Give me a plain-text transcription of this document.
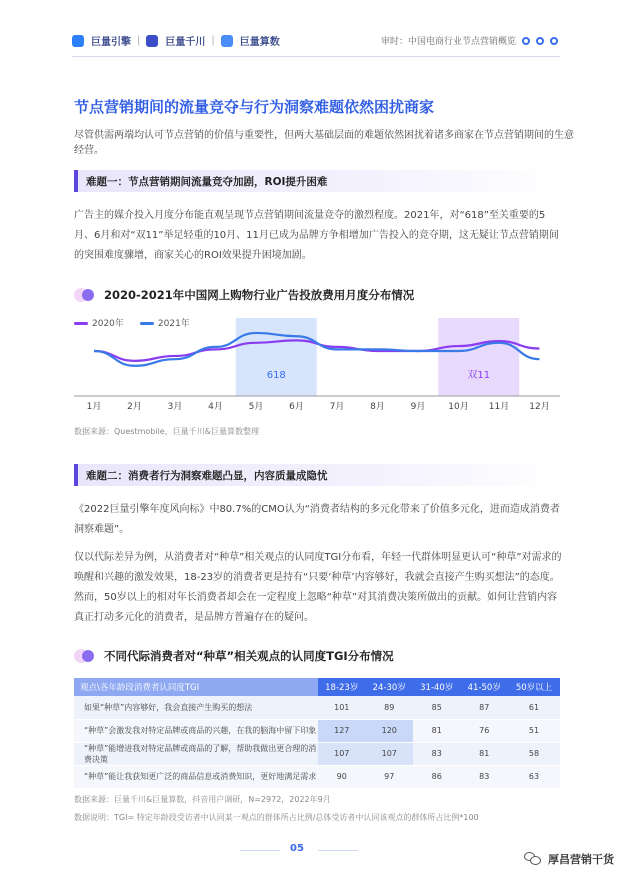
巨量引擎 |	巨量千川 |	巨量算数	审时：中国电商行业节点营销概览
节点营销期间的流量竞夺与行为洞察难题依然困扰商家
尽管供需两端均认可节点营销的价值与重要性，但两大基础层面的难题依然困扰着诸多商家在节点营销期间的生意经营。
难题一：节点营销期间流量竞夺加剧，ROI提升困难
广告主的媒介投入月度分布能直观呈现节点营销期间流量竞夺的激烈程度。2021年，对“618”至关重要的5月、6月和对“双11”举足轻重的10月、11月已成为品牌方争相增加广告投入的竞夺期，这无疑让节点营销期间的突围难度骤增，商家关心的ROI效果提升困境加剧。
2020-2021年中国网上购物行业广告投放费用月度分布情况
2020年	2021年
618	双11
1月	2月	3月	4月	5月	6月	7月	8月	9月	10月 11月 12月
数据来源：Questmobile，巨量千川&巨量算数整理
难题二：消费者行为洞察难题凸显，内容质量成隐忧
《2022巨量引擎年度风向标》中80.7%的CMO认为“消费者结构的多元化带来了价值多元化，进而造成消费者洞察难题”。
仅以代际差异为例，从消费者对“种草”相关观点的认同度TGI分布看，年轻一代群体明显更认可“种草”对需求的唤醒和兴趣的激发效果，18-23岁的消费者更是持有“只要‘种草’内容够好，我就会直接产生购买想法”的态度。然而，50岁以上的相对年长消费者却会在一定程度上忽略“种草”对其消费决策所做出的贡献。如何让营销内容真正打动多元化的消费者，是品牌方普遍存在的疑问。
不同代际消费者对“种草”相关观点的认同度TGI分布情况
观点\各年龄段消费者认同度TGI	18-23岁	24-30岁	31-40岁	41-50岁	50岁以上
如果“种草”内容够好，我会直接产生购买的想法	101	89	85	87	61
“种草”会激发我对特定品牌或商品的兴趣，在我的脑海中留下印象	127	120	81	76	51
“种草”能增进我对特定品牌或商品的了解，帮助我做出更合理的消费决策	107	107	83	81	58
“种草”能让我获知更广泛的商品信息或消费知识，更好地满足需求	90	97	86	83	63
数据来源：巨量千川&巨量算数，抖音用户调研，N=2972，2022年9月
数据说明：TGI= 特定年龄段受访者中认同某一观点的群体所占比例/总体受访者中认同该观点的群体所占比例*100
05
厚昌营销干货
